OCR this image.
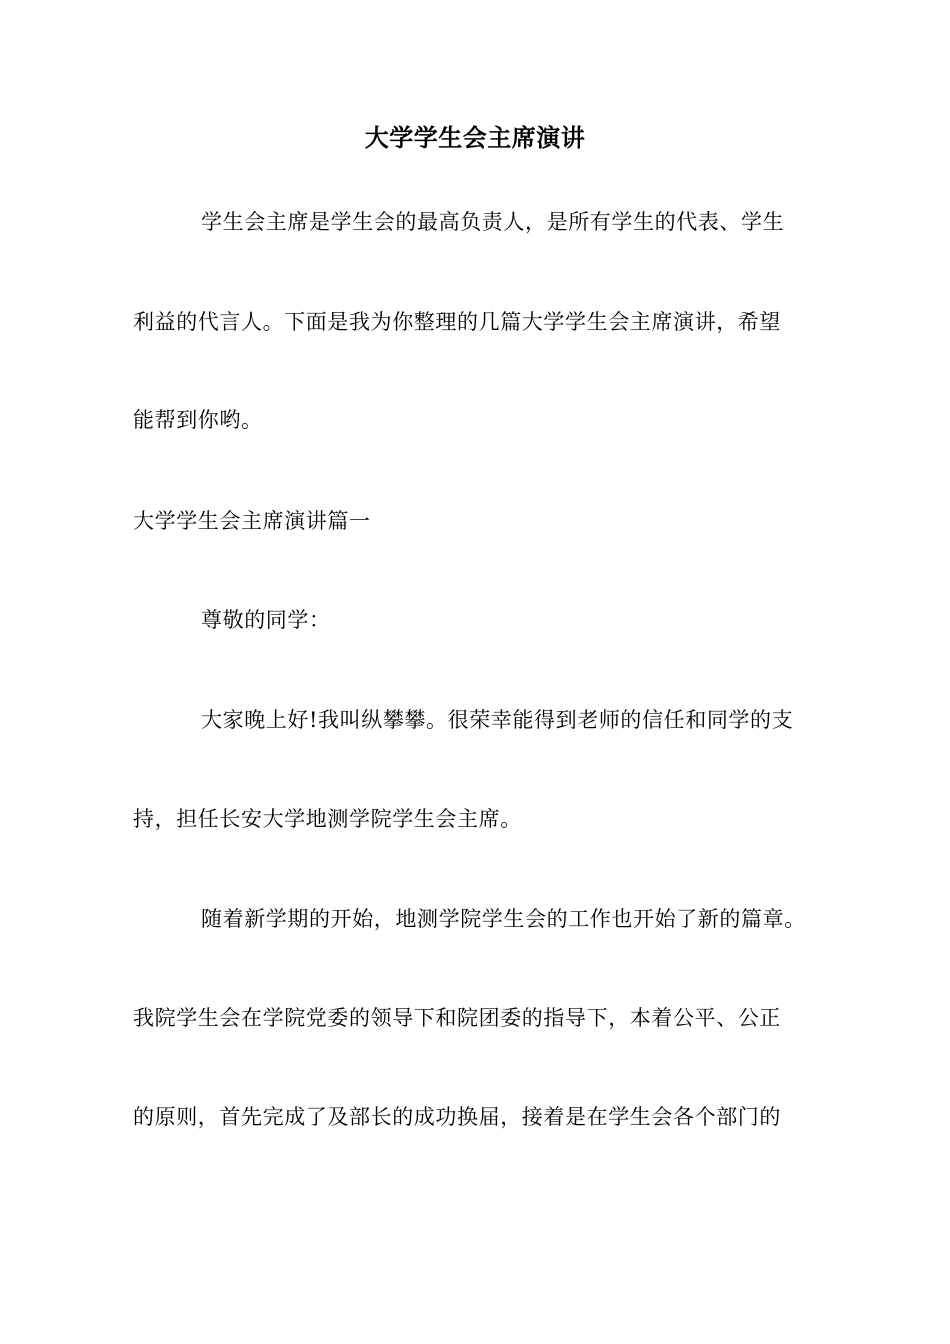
大学学生会主席演讲
学生会主席是学生会的最高负责人，是所有学生的代表、学生
利益的代言人。下面是我为你整理的几篇大学学生会主席演讲，希望
能帮到你哟。
大学学生会主席演讲篇一
尊敬的同学：
大家晚上好!我叫纵攀攀。很荣幸能得到老师的信任和同学的支
持，担任长安大学地测学院学生会主席。
随着新学期的开始，地测学院学生会的工作也开始了新的篇章。
我院学生会在学院党委的领导下和院团委的指导下，本着公平、公正
的原则，首先完成了及部长的成功换届，接着是在学生会各个部门的
